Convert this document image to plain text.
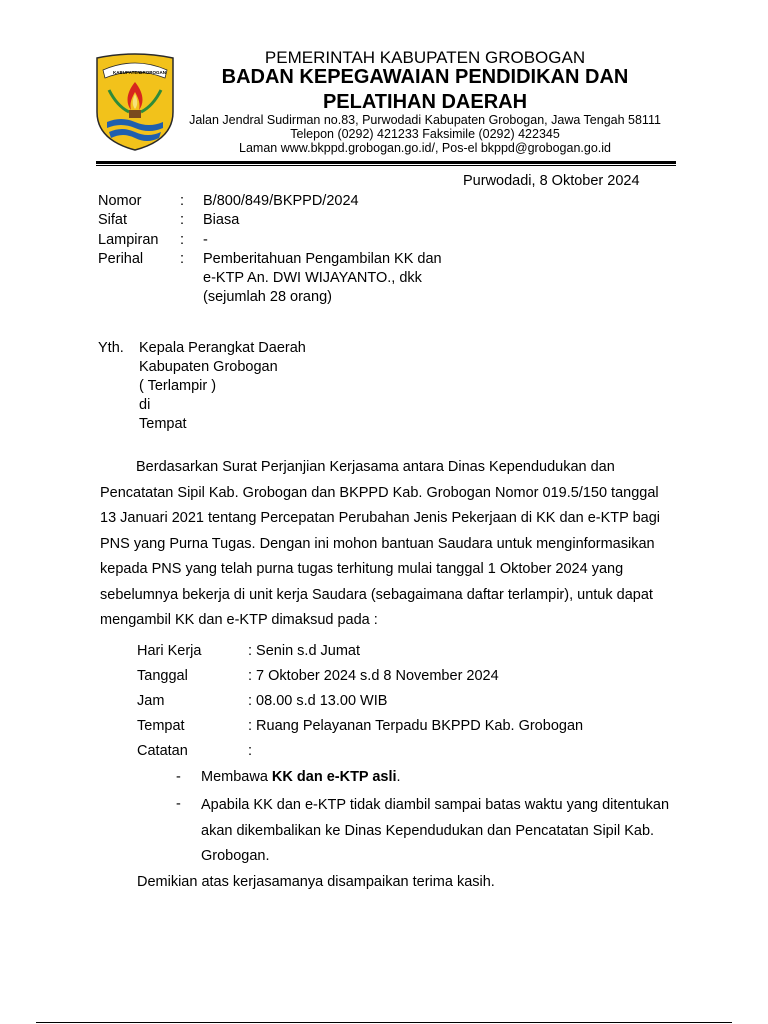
KABUPATEN
GROBOGAN
PEMERINTAH KABUPATEN GROBOGAN
BADAN KEPEGAWAIAN PENDIDIKAN DAN
PELATIHAN DAERAH
Jalan Jendral Sudirman no.83, Purwodadi Kabupaten Grobogan, Jawa Tengah 58111
Telepon (0292) 421233 Faksimile (0292) 422345
Laman www.bkppd.grobogan.go.id/, Pos-el bkppd@grobogan.go.id
Purwodadi, 8 Oktober 2024
Nomor	: B/800/849/BKPPD/2024
Sifat	: Biasa
Lampiran : -
Perihal	: Pemberitahuan Pengambilan KK dan
e-KTP An. DWI WIJAYANTO., dkk
(sejumlah 28 orang)
Yth. Kepala Perangkat Daerah
Kabupaten Grobogan
( Terlampir )
di
Tempat
Berdasarkan Surat Perjanjian Kerjasama antara Dinas Kependudukan dan
Pencatatan Sipil Kab. Grobogan dan BKPPD Kab. Grobogan Nomor 019.5/150 tanggal
13 Januari 2021 tentang Percepatan Perubahan Jenis Pekerjaan di KK dan e-KTP bagi
PNS yang Purna Tugas. Dengan ini mohon bantuan Saudara untuk menginformasikan
kepada PNS yang telah purna tugas terhitung mulai tanggal 1 Oktober 2024 yang
sebelumnya bekerja di unit kerja Saudara (sebagaimana daftar terlampir), untuk dapat
mengambil KK dan e-KTP dimaksud pada :
Hari Kerja	: Senin s.d Jumat
Tanggal	: 7 Oktober 2024 s.d 8 November 2024
Jam	: 08.00 s.d 13.00 WIB
Tempat	: Ruang Pelayanan Terpadu BKPPD Kab. Grobogan
Catatan	:
- Membawa KK dan e-KTP asli.
- Apabila KK dan e-KTP tidak diambil sampai batas waktu yang ditentukan
akan dikembalikan ke Dinas Kependudukan dan Pencatatan Sipil Kab.
Grobogan.
Demikian atas kerjasamanya disampaikan terima kasih.
